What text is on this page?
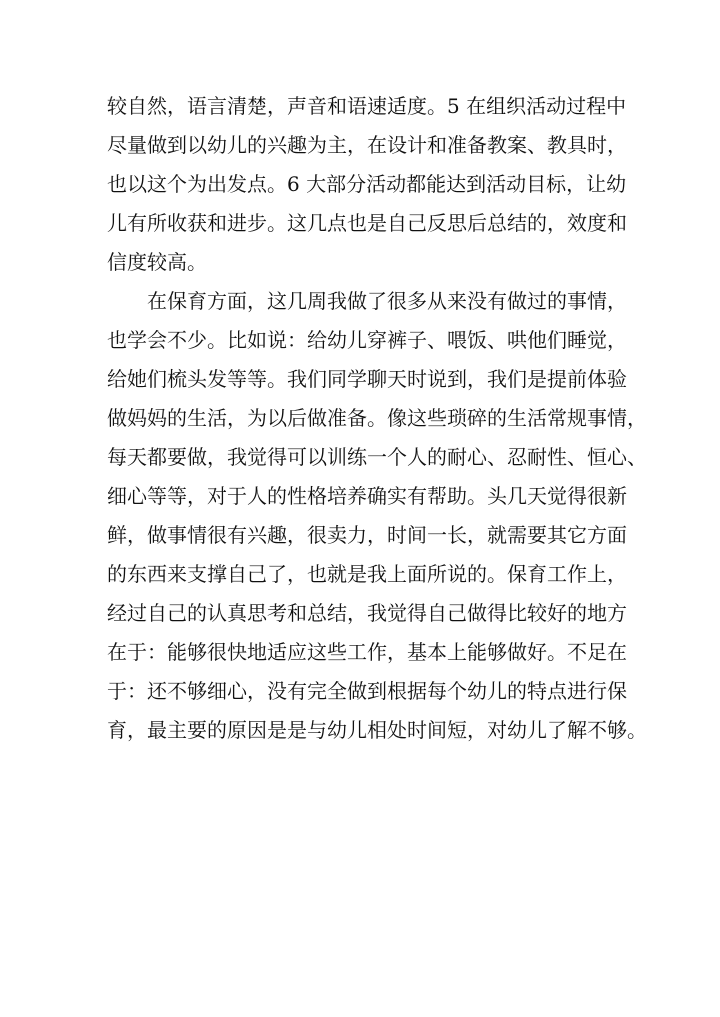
较自然，语言清楚，声音和语速适度。5 在组织活动过程中
尽量做到以幼儿的兴趣为主，在设计和准备教案、教具时，
也以这个为出发点。6 大部分活动都能达到活动目标，让幼
儿有所收获和进步。这几点也是自己反思后总结的，效度和
信度较高。
在保育方面，这几周我做了很多从来没有做过的事情，
也学会不少。比如说：给幼儿穿裤子、喂饭、哄他们睡觉，
给她们梳头发等等。我们同学聊天时说到，我们是提前体验
做妈妈的生活，为以后做准备。像这些琐碎的生活常规事情，
每天都要做，我觉得可以训练一个人的耐心、忍耐性、恒心、
细心等等，对于人的性格培养确实有帮助。头几天觉得很新
鲜，做事情很有兴趣，很卖力，时间一长，就需要其它方面
的东西来支撑自己了，也就是我上面所说的。保育工作上，
经过自己的认真思考和总结，我觉得自己做得比较好的地方
在于：能够很快地适应这些工作，基本上能够做好。不足在
于：还不够细心，没有完全做到根据每个幼儿的特点进行保
育，最主要的原因是是与幼儿相处时间短，对幼儿了解不够。
